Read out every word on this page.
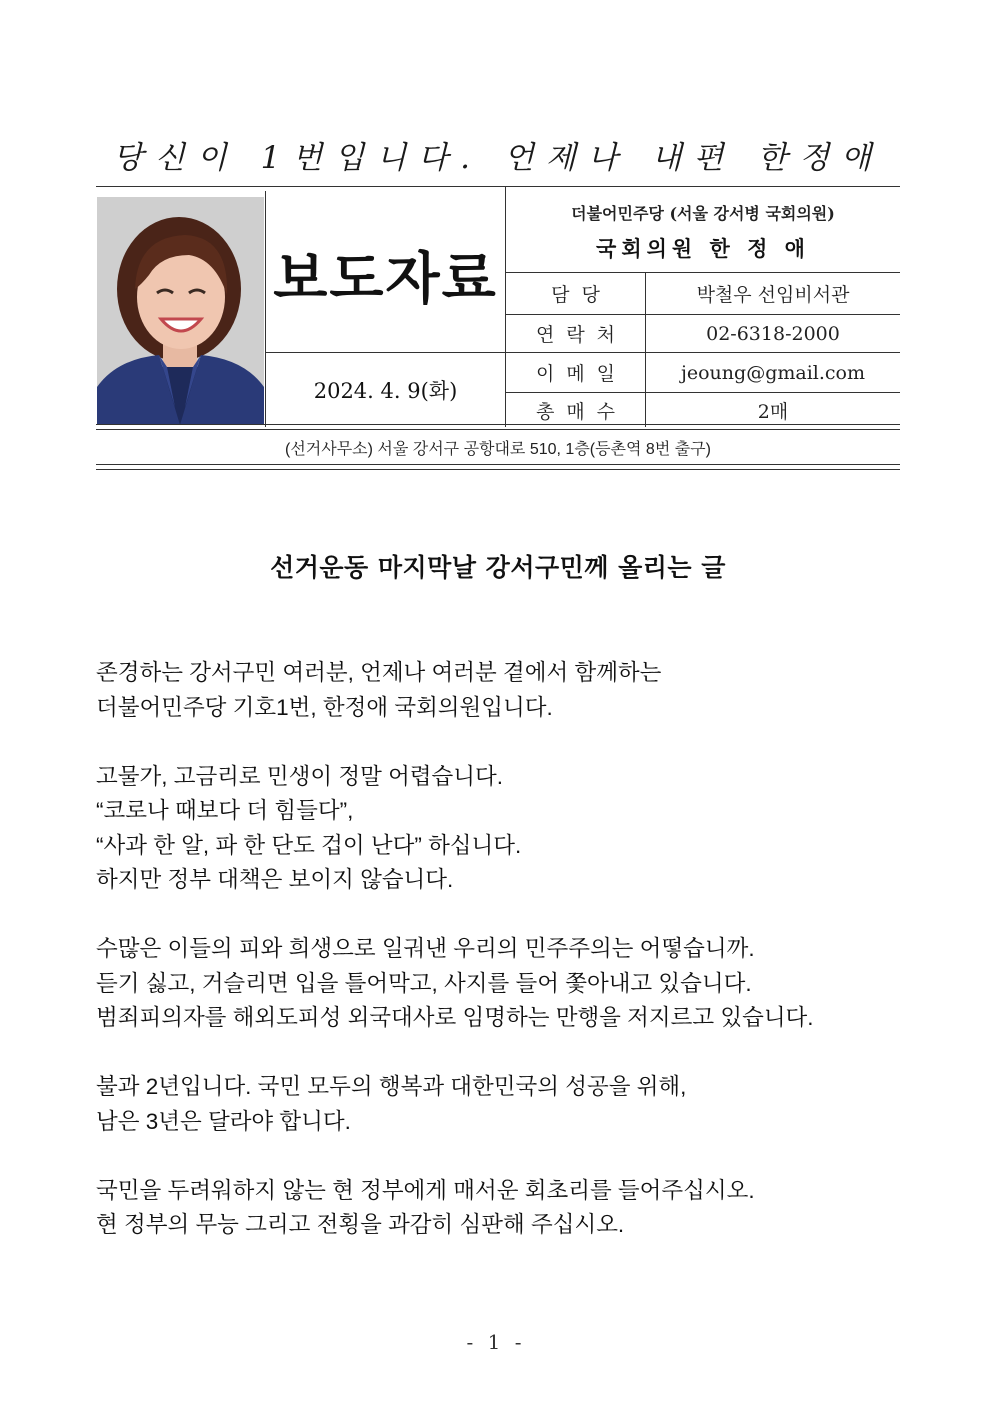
당신이 1번입니다. 언제나 내편 한정애
보도자료
2024. 4. 9(화)
더불어민주당 (서울 강서병 국회의원)
국회의원 한 정 애
담당	박철우 선임비서관
연락처	02-6318-2000
이메일	jeoung@gmail.com
총매수	2매
(선거사무소) 서울 강서구 공항대로 510, 1층(등촌역 8번 출구)
선거운동 마지막날 강서구민께 올리는 글
존경하는 강서구민 여러분, 언제나 여러분 곁에서 함께하는
더불어민주당 기호1번, 한정애 국회의원입니다.
고물가, 고금리로 민생이 정말 어렵습니다.
“코로나 때보다 더 힘들다”,
“사과 한 알, 파 한 단도 겁이 난다” 하십니다.
하지만 정부 대책은 보이지 않습니다.
수많은 이들의 피와 희생으로 일궈낸 우리의 민주주의는 어떻습니까.
듣기 싫고, 거슬리면 입을 틀어막고, 사지를 들어 쫓아내고 있습니다.
범죄피의자를 해외도피성 외국대사로 임명하는 만행을 저지르고 있습니다.
불과 2년입니다. 국민 모두의 행복과 대한민국의 성공을 위해,
남은 3년은 달라야 합니다.
국민을 두려워하지 않는 현 정부에게 매서운 회초리를 들어주십시오.
현 정부의 무능 그리고 전횡을 과감히 심판해 주십시오.
- 1 -
